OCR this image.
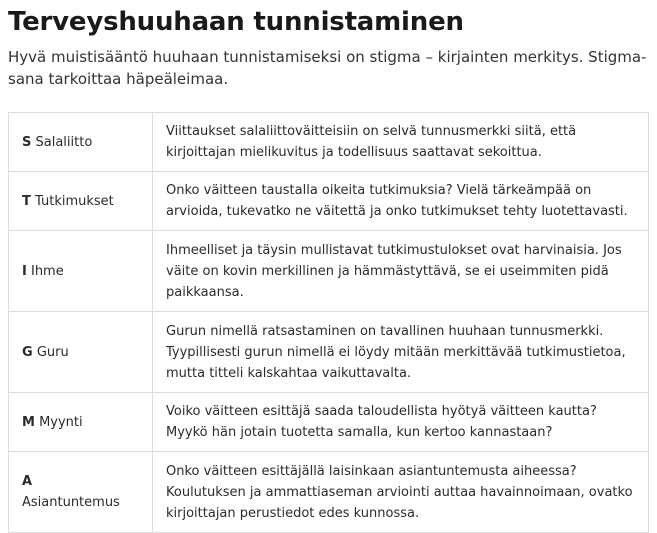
Terveyshuuhaan tunnistaminen

Hyvä muistisääntö huuhaan tunnistamiseksi on stigma – kirjainten merkitys. Stigma-sana tarkoittaa häpeäleimaa.

S Salaliitto	Viittaukset salaliittoväitteisiin on selvä tunnusmerkki siitä, että kirjoittajan mielikuvitus ja todellisuus saattavat sekoittua.
T Tutkimukset	Onko väitteen taustalla oikeita tutkimuksia? Vielä tärkeämpää on arvioida, tukevatko ne väitettä ja onko tutkimukset tehty luotettavasti.
I Ihme	Ihmeelliset ja täysin mullistavat tutkimustulokset ovat harvinaisia. Jos väite on kovin merkillinen ja hämmästyttävä, se ei useimmiten pidä paikkaansa.
G Guru	Gurun nimellä ratsastaminen on tavallinen huuhaan tunnusmerkki. Tyypillisesti gurun nimellä ei löydy mitään merkittävää tutkimustietoa, mutta titteli kalskahtaa vaikuttavalta.
M Myynti	Voiko väitteen esittäjä saada taloudellista hyötyä väitteen kautta? Myykö hän jotain tuotetta samalla, kun kertoo kannastaan?
A
Asiantuntemus	Onko väitteen esittäjällä laisinkaan asiantuntemusta aiheessa? Koulutuksen ja ammattiaseman arviointi auttaa havainnoimaan, ovatko kirjoittajan perustiedot edes kunnossa.
